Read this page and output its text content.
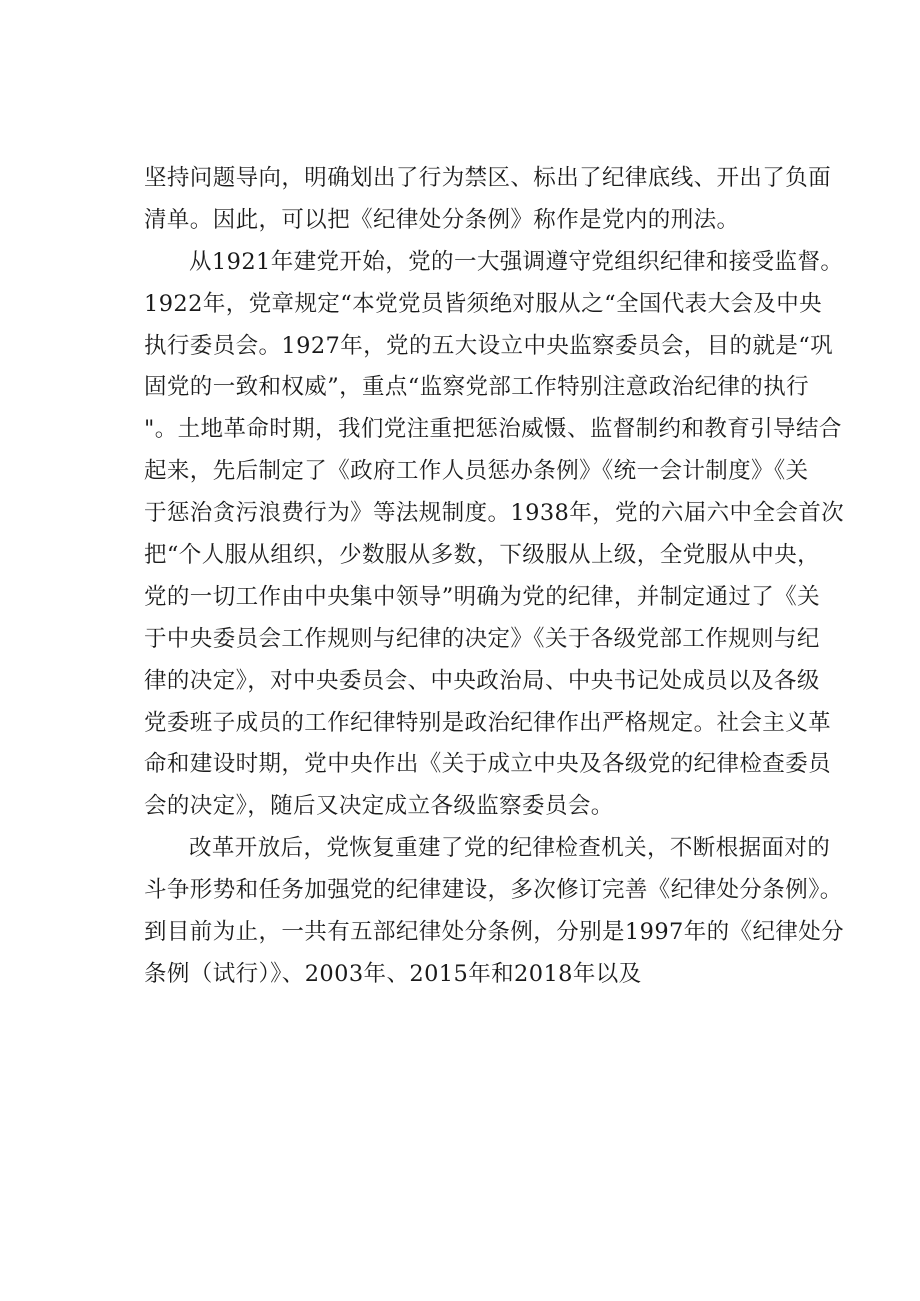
坚持问题导向，明确划出了行为禁区、标出了纪律底线、开出了负面
清单。因此，可以把《纪律处分条例》称作是党内的刑法。
从1921年建党开始，党的一大强调遵守党组织纪律和接受监督。
1922年，党章规定“本党党员皆须绝对服从之“全国代表大会及中央
执行委员会。1927年，党的五大设立中央监察委员会，目的就是“巩
固党的一致和权威”，重点“监察党部工作特别注意政治纪律的执行
"。土地革命时期，我们党注重把惩治威慑、监督制约和教育引导结合
起来，先后制定了《政府工作人员惩办条例》《统一会计制度》《关
于惩治贪污浪费行为》等法规制度。1938年，党的六届六中全会首次
把“个人服从组织，少数服从多数，下级服从上级，全党服从中央，
党的一切工作由中央集中领导”明确为党的纪律，并制定通过了《关
于中央委员会工作规则与纪律的决定》《关于各级党部工作规则与纪
律的决定》，对中央委员会、中央政治局、中央书记处成员以及各级
党委班子成员的工作纪律特别是政治纪律作出严格规定。社会主义革
命和建设时期，党中央作出《关于成立中央及各级党的纪律检查委员
会的决定》，随后又决定成立各级监察委员会。
改革开放后，党恢复重建了党的纪律检查机关，不断根据面对的
斗争形势和任务加强党的纪律建设，多次修订完善《纪律处分条例》。
到目前为止，一共有五部纪律处分条例，分别是1997年的《纪律处分
条例（试行）》、2003年、2015年和2018年以及
